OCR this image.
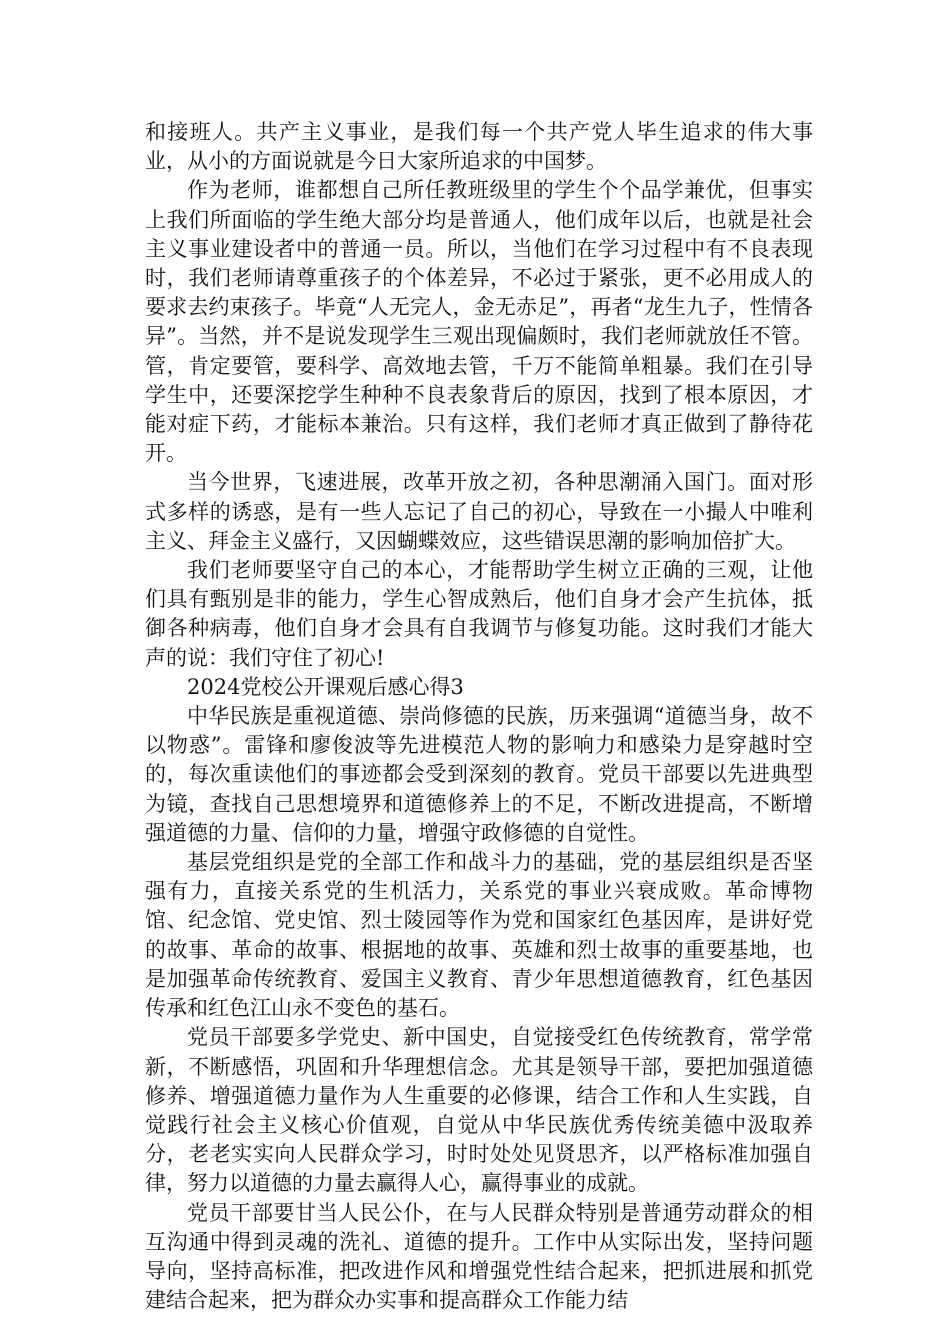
和接班人。共产主义事业，是我们每一个共产党人毕生追求的伟大事业，从小的方面说就是今日大家所追求的中国梦。

作为老师，谁都想自己所任教班级里的学生个个品学兼优，但事实上我们所面临的学生绝大部分均是普通人，他们成年以后，也就是社会主义事业建设者中的普通一员。所以，当他们在学习过程中有不良表现时，我们老师请尊重孩子的个体差异，不必过于紧张，更不必用成人的要求去约束孩子。毕竟“人无完人，金无赤足”，再者“龙生九子，性情各异”。当然，并不是说发现学生三观出现偏颇时，我们老师就放任不管。管，肯定要管，要科学、高效地去管，千万不能简单粗暴。我们在引导学生中，还要深挖学生种种不良表象背后的原因，找到了根本原因，才能对症下药，才能标本兼治。只有这样，我们老师才真正做到了静待花开。

当今世界，飞速进展，改革开放之初，各种思潮涌入国门。面对形式多样的诱惑，是有一些人忘记了自己的初心，导致在一小撮人中唯利主义、拜金主义盛行，又因蝴蝶效应，这些错误思潮的影响加倍扩大。

我们老师要坚守自己的本心，才能帮助学生树立正确的三观，让他们具有甄别是非的能力，学生心智成熟后，他们自身才会产生抗体，抵御各种病毒，他们自身才会具有自我调节与修复功能。这时我们才能大声的说：我们守住了初心!

2024党校公开课观后感心得3

中华民族是重视道德、崇尚修德的民族，历来强调“道德当身，故不以物惑”。雷锋和廖俊波等先进模范人物的影响力和感染力是穿越时空的，每次重读他们的事迹都会受到深刻的教育。党员干部要以先进典型为镜，查找自己思想境界和道德修养上的不足，不断改进提高，不断增强道德的力量、信仰的力量，增强守政修德的自觉性。

基层党组织是党的全部工作和战斗力的基础，党的基层组织是否坚强有力，直接关系党的生机活力，关系党的事业兴衰成败。革命博物馆、纪念馆、党史馆、烈士陵园等作为党和国家红色基因库，是讲好党的故事、革命的故事、根据地的故事、英雄和烈士故事的重要基地，也是加强革命传统教育、爱国主义教育、青少年思想道德教育，红色基因传承和红色江山永不变色的基石。

党员干部要多学党史、新中国史，自觉接受红色传统教育，常学常新，不断感悟，巩固和升华理想信念。尤其是领导干部，要把加强道德修养、增强道德力量作为人生重要的必修课，结合工作和人生实践，自觉践行社会主义核心价值观，自觉从中华民族优秀传统美德中汲取养分，老老实实向人民群众学习，时时处处见贤思齐，以严格标准加强自律，努力以道德的力量去赢得人心，赢得事业的成就。

党员干部要甘当人民公仆，在与人民群众特别是普通劳动群众的相互沟通中得到灵魂的洗礼、道德的提升。工作中从实际出发，坚持问题导向，坚持高标准，把改进作风和增强党性结合起来，把抓进展和抓党建结合起来，把为群众办实事和提高群众工作能力结
